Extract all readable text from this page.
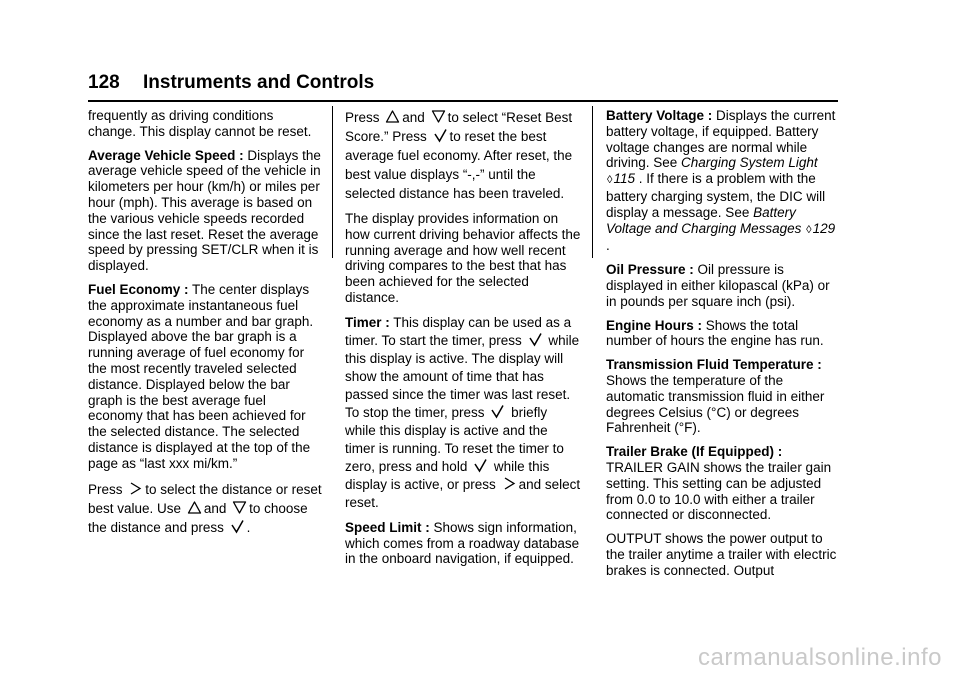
128 Instruments and Controls

frequently as driving conditions change. This display cannot be reset.

Average Vehicle Speed : Displays the average vehicle speed of the vehicle in kilometers per hour (km/h) or miles per hour (mph). This average is based on the various vehicle speeds recorded since the last reset. Reset the average speed by pressing SET/CLR when it is displayed.

Fuel Economy : The center displays the approximate instantaneous fuel economy as a number and bar graph. Displayed above the bar graph is a running average of fuel economy for the most recently traveled selected distance. Displayed below the bar graph is the best average fuel economy that has been achieved for the selected distance. The selected distance is displayed at the top of the page as “last xxx mi/km.”

Press to select the distance or reset best value. Use and to choose the distance and press .

Press and to select “Reset Best Score.” Press to reset the best average fuel economy. After reset, the best value displays “-,-” until the selected distance has been traveled.

The display provides information on how current driving behavior affects the running average and how well recent driving compares to the best that has been achieved for the selected distance.

Timer : This display can be used as a timer. To start the timer, press while this display is active. The display will show the amount of time that has passed since the timer was last reset. To stop the timer, press briefly while this display is active and the timer is running. To reset the timer to zero, press and hold while this display is active, or press and select reset.

Speed Limit : Shows sign information, which comes from a roadway database in the onboard navigation, if equipped.

Battery Voltage : Displays the current battery voltage, if equipped. Battery voltage changes are normal while driving. See Charging System Light ◊115 . If there is a problem with the battery charging system, the DIC will display a message. See Battery Voltage and Charging Messages ◊129 .

Oil Pressure : Oil pressure is displayed in either kilopascal (kPa) or in pounds per square inch (psi).

Engine Hours : Shows the total number of hours the engine has run.

Transmission Fluid Temperature : Shows the temperature of the automatic transmission fluid in either degrees Celsius (°C) or degrees Fahrenheit (°F).

Trailer Brake (If Equipped) : TRAILER GAIN shows the trailer gain setting. This setting can be adjusted from 0.0 to 10.0 with either a trailer connected or disconnected.

OUTPUT shows the power output to the trailer anytime a trailer with electric brakes is connected. Output

carmanualsonline.info
